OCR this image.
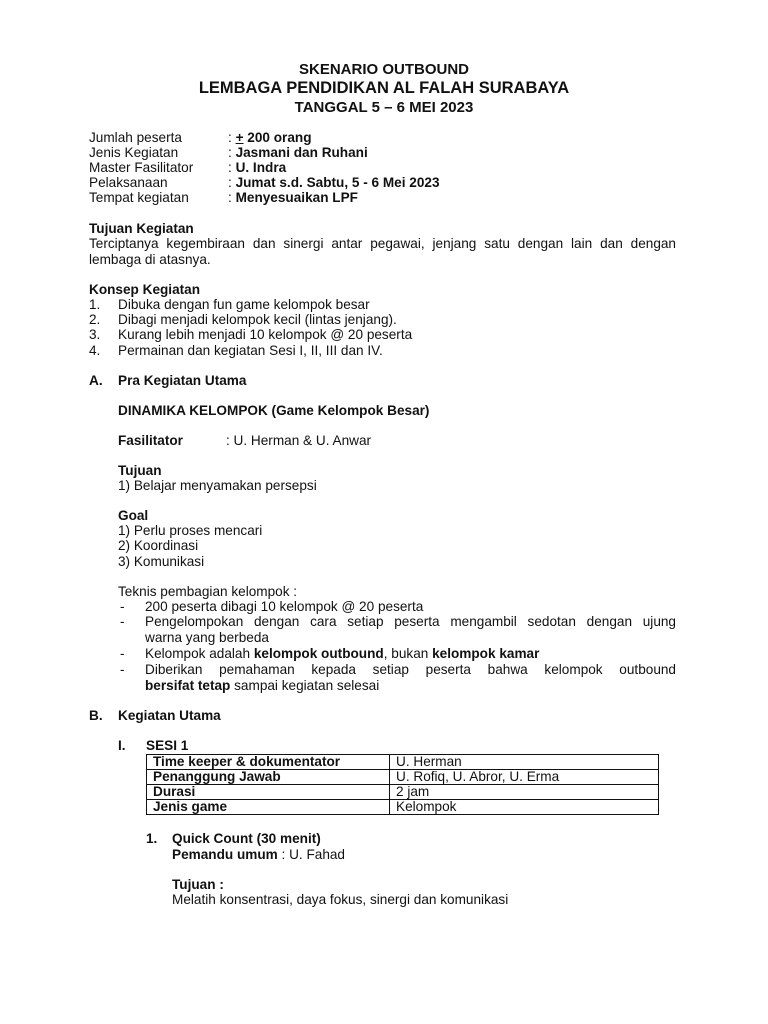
SKENARIO OUTBOUND
LEMBAGA PENDIDIKAN AL FALAH SURABAYA
TANGGAL 5 – 6 MEI 2023
Jumlah peserta	: + 200 orang
Jenis Kegiatan	: Jasmani dan Ruhani
Master Fasilitator	: U. Indra
Pelaksanaan	: Jumat s.d. Sabtu, 5 - 6 Mei 2023
Tempat kegiatan	: Menyesuaikan LPF
Tujuan Kegiatan
Terciptanya kegembiraan dan sinergi antar pegawai, jenjang satu dengan lain dan dengan lembaga di atasnya.
Konsep Kegiatan
1. Dibuka dengan fun game kelompok besar
2. Dibagi menjadi kelompok kecil (lintas jenjang).
3. Kurang lebih menjadi 10 kelompok @ 20 peserta
4. Permainan dan kegiatan Sesi I, II, III dan IV.
A. Pra Kegiatan Utama
DINAMIKA KELOMPOK (Game Kelompok Besar)
Fasilitator	: U. Herman & U. Anwar
Tujuan
1) Belajar menyamakan persepsi
Goal
1) Perlu proses mencari
2) Koordinasi
3) Komunikasi
Teknis pembagian kelompok :
- 200 peserta dibagi 10 kelompok @ 20 peserta
- Pengelompokan dengan cara setiap peserta mengambil sedotan dengan ujung
warna yang berbeda
- Kelompok adalah kelompok outbound, bukan kelompok kamar
- Diberikan pemahaman kepada setiap peserta bahwa kelompok outbound
bersifat tetap sampai kegiatan selesai
B. Kegiatan Utama
I. SESI 1
Time keeper & dokumentator	U. Herman
Penanggung Jawab	U. Rofiq, U. Abror, U. Erma
Durasi	2 jam
Jenis game	Kelompok
1. Quick Count (30 menit)
Pemandu umum : U. Fahad
Tujuan :
Melatih konsentrasi, daya fokus, sinergi dan komunikasi
